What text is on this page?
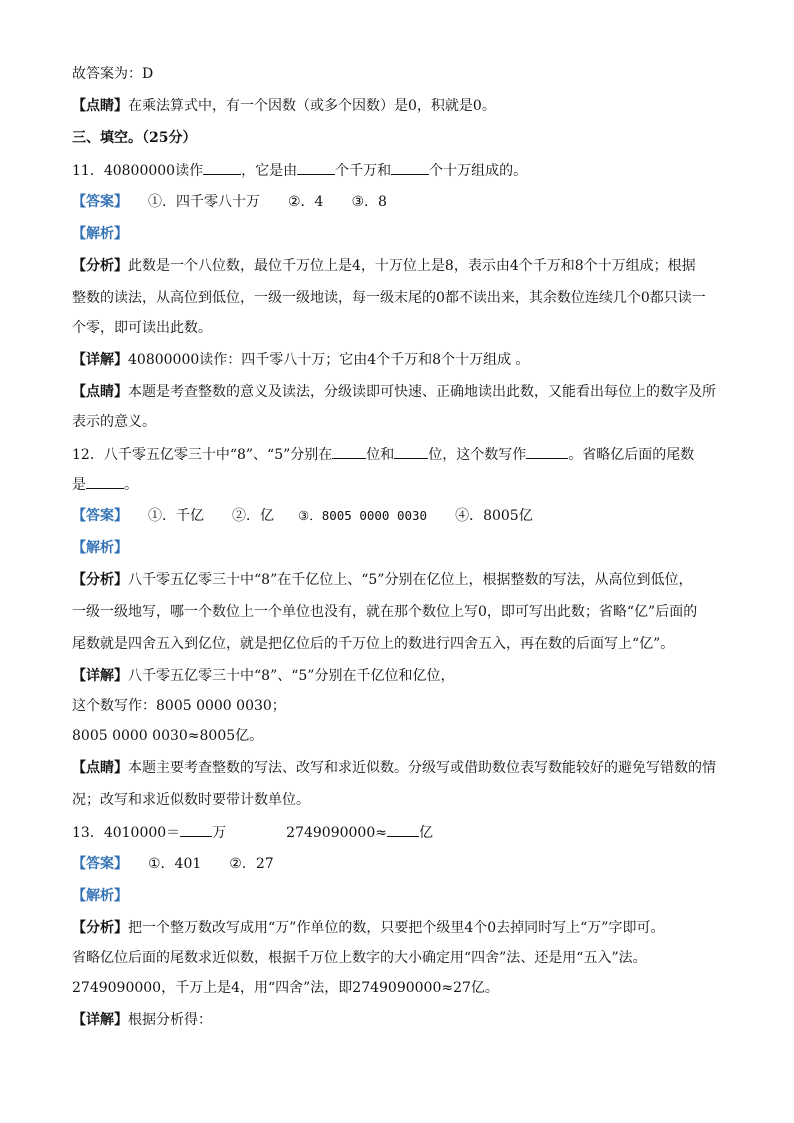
故答案为：D
【点睛】在乘法算式中，有一个因数（或多个因数）是0，积就是0。
三、填空。（25分）
11．40800000读作	，它是由	个千万和	个十万组成的。
【答案】 ①．四千零八十万 ②．4 ③．8
【解析】
【分析】此数是一个八位数，最位千万位上是4，十万位上是8，表示由4个千万和8个十万组成；根据
整数的读法，从高位到低位，一级一级地读，每一级末尾的0都不读出来，其余数位连续几个0都只读一
个零，即可读出此数。
【详解】40800000读作：四千零八十万；它由4个千万和8个十万组成 。
【点睛】本题是考查整数的意义及读法，分级读即可快速、正确地读出此数，又能看出每位上的数字及所
表示的意义。
12．八千零五亿零三十中“8”、“5”分别在 位和 位，这个数写作	。省略亿后面的尾数
是	。
【答案】 ①．千亿 ②．亿 ③．8005 0000 0030 ④．8005亿
【解析】
【分析】八千零五亿零三十中“8”在千亿位上、“5”分别在亿位上，根据整数的写法，从高位到低位，
一级一级地写，哪一个数位上一个单位也没有，就在那个数位上写0，即可写出此数；省略“亿”后面的
尾数就是四舍五入到亿位，就是把亿位后的千万位上的数进行四舍五入，再在数的后面写上“亿”。
【详解】八千零五亿零三十中“8”、“5”分别在千亿位和亿位，
这个数写作：8005 0000 0030；
8005 0000 0030≈8005亿。
【点睛】本题主要考查整数的写法、改写和求近似数。分级写或借助数位表写数能较好的避免写错数的情
况；改写和求近似数时要带计数单位。
13．4010000＝ 万	2749090000≈ 亿
【答案】 ①．401 ②．27
【解析】
【分析】把一个整万数改写成用“万”作单位的数，只要把个级里4个0去掉同时写上“万”字即可。
省略亿位后面的尾数求近似数，根据千万位上数字的大小确定用“四舍”法、还是用“五入”法。
2749090000，千万上是4，用“四舍”法，即2749090000≈27亿。
【详解】根据分析得：
